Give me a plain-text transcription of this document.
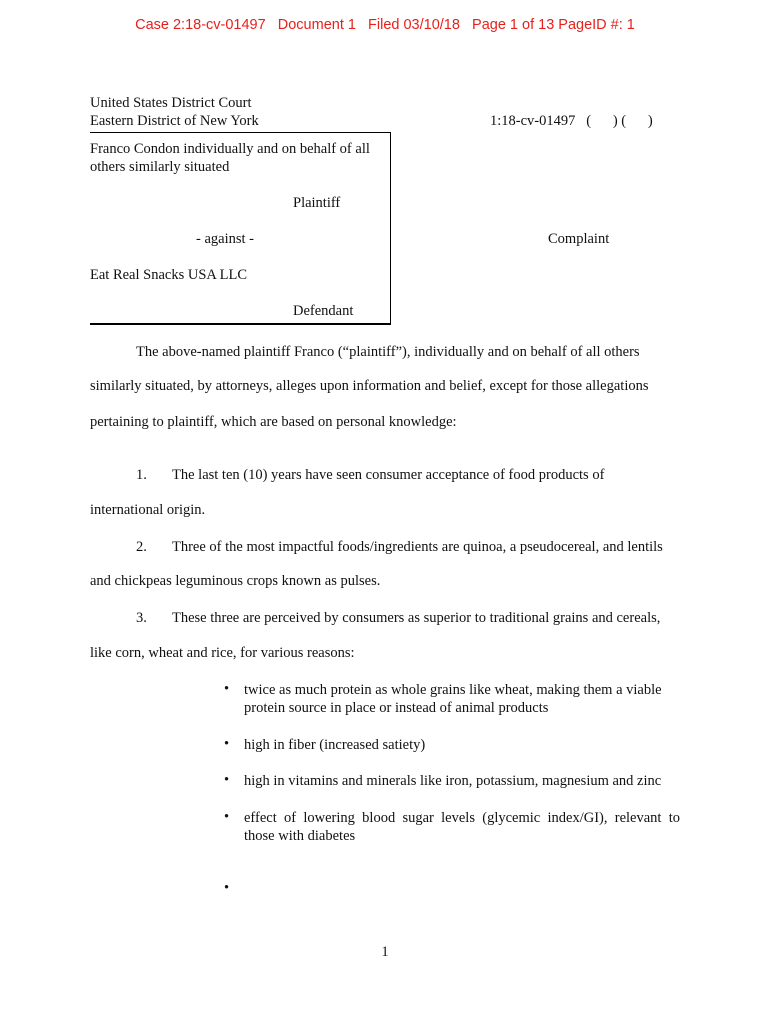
Case 2:18-cv-01497   Document 1   Filed 03/10/18   Page 1 of 13 PageID #: 1
United States District Court
Eastern District of New York	1:18-cv-01497   (      ) (      )
Franco Condon individually and on behalf of all
others similarly situated
Plaintiff
- against -
Eat Real Snacks USA LLC
Defendant
Complaint
The above-named plaintiff Franco (“plaintiff”), individually and on behalf of all others
similarly situated, by attorneys, alleges upon information and belief, except for those allegations
pertaining to plaintiff, which are based on personal knowledge:
1. The last ten (10) years have seen consumer acceptance of food products of
international origin.
2. Three of the most impactful foods/ingredients are quinoa, a pseudocereal, and lentils
and chickpeas leguminous crops known as pulses.
3. These three are perceived by consumers as superior to traditional grains and cereals,
like corn, wheat and rice, for various reasons:
• twice as much protein as whole grains like wheat, making them a viable protein source in place or instead of animal products
• high in fiber (increased satiety)
• high in vitamins and minerals like iron, potassium, magnesium and zinc
• effect of lowering blood sugar levels (glycemic index/GI), relevant to those with diabetes
•
1
